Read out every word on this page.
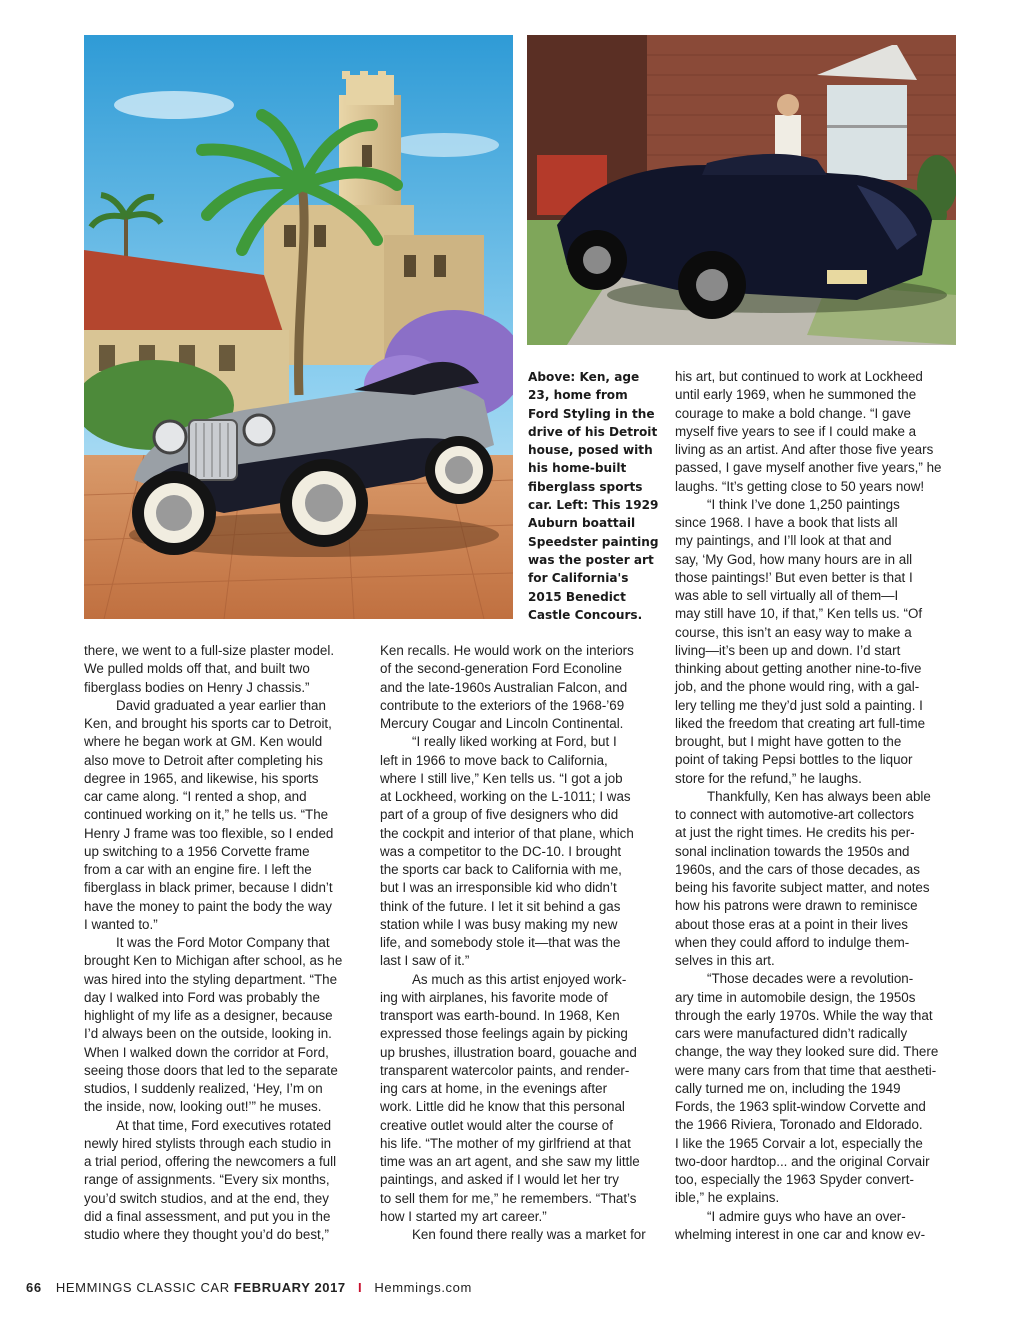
Above: Ken, age 23, home from Ford Styling in the drive of his Detroit house, posed with his home-built fiberglass sports car. Left: This 1929 Auburn boattail Speedster painting was the poster art for California's 2015 Benedict Castle Concours.

there, we went to a full-size plaster model.
We pulled molds off that, and built two
fiberglass bodies on Henry J chassis.”
David graduated a year earlier than
Ken, and brought his sports car to Detroit,
where he began work at GM. Ken would
also move to Detroit after completing his
degree in 1965, and likewise, his sports
car came along. “I rented a shop, and
continued working on it,” he tells us. “The
Henry J frame was too flexible, so I ended
up switching to a 1956 Corvette frame
from a car with an engine fire. I left the
fiberglass in black primer, because I didn’t
have the money to paint the body the way
I wanted to.”
It was the Ford Motor Company that
brought Ken to Michigan after school, as he
was hired into the styling department. “The
day I walked into Ford was probably the
highlight of my life as a designer, because
I’d always been on the outside, looking in.
When I walked down the corridor at Ford,
seeing those doors that led to the separate
studios, I suddenly realized, ‘Hey, I’m on
the inside, now, looking out!’” he muses.
At that time, Ford executives rotated
newly hired stylists through each studio in
a trial period, offering the newcomers a full
range of assignments. “Every six months,
you’d switch studios, and at the end, they
did a final assessment, and put you in the
studio where they thought you’d do best,”
Ken recalls. He would work on the interiors
of the second-generation Ford Econoline
and the late-1960s Australian Falcon, and
contribute to the exteriors of the 1968-’69
Mercury Cougar and Lincoln Continental.
“I really liked working at Ford, but I
left in 1966 to move back to California,
where I still live,” Ken tells us. “I got a job
at Lockheed, working on the L-1011; I was
part of a group of five designers who did
the cockpit and interior of that plane, which
was a competitor to the DC-10. I brought
the sports car back to California with me,
but I was an irresponsible kid who didn’t
think of the future. I let it sit behind a gas
station while I was busy making my new
life, and somebody stole it—that was the
last I saw of it.”
As much as this artist enjoyed work-
ing with airplanes, his favorite mode of
transport was earth-bound. In 1968, Ken
expressed those feelings again by picking
up brushes, illustration board, gouache and
transparent watercolor paints, and render-
ing cars at home, in the evenings after
work. Little did he know that this personal
creative outlet would alter the course of
his life. “The mother of my girlfriend at that
time was an art agent, and she saw my little
paintings, and asked if I would let her try
to sell them for me,” he remembers. “That’s
how I started my art career.”
Ken found there really was a market for
his art, but continued to work at Lockheed
until early 1969, when he summoned the
courage to make a bold change. “I gave
myself five years to see if I could make a
living as an artist. And after those five years
passed, I gave myself another five years,” he
laughs. “It’s getting close to 50 years now!
“I think I’ve done 1,250 paintings
since 1968. I have a book that lists all
my paintings, and I’ll look at that and
say, ‘My God, how many hours are in all
those paintings!’ But even better is that I
was able to sell virtually all of them—I
may still have 10, if that,” Ken tells us. “Of
course, this isn’t an easy way to make a
living—it’s been up and down. I’d start
thinking about getting another nine-to-five
job, and the phone would ring, with a gal-
lery telling me they’d just sold a painting. I
liked the freedom that creating art full-time
brought, but I might have gotten to the
point of taking Pepsi bottles to the liquor
store for the refund,” he laughs.
Thankfully, Ken has always been able
to connect with automotive-art collectors
at just the right times. He credits his per-
sonal inclination towards the 1950s and
1960s, and the cars of those decades, as
being his favorite subject matter, and notes
how his patrons were drawn to reminisce
about those eras at a point in their lives
when they could afford to indulge them-
selves in this art.
“Those decades were a revolution-
ary time in automobile design, the 1950s
through the early 1970s. While the way that
cars were manufactured didn’t radically
change, the way they looked sure did. There
were many cars from that time that aestheti-
cally turned me on, including the 1949
Fords, the 1963 split-window Corvette and
the 1966 Riviera, Toronado and Eldorado.
I like the 1965 Corvair a lot, especially the
two-door hardtop... and the original Corvair
too, especially the 1963 Spyder convert-
ible,” he explains.
“I admire guys who have an over-
whelming interest in one car and know ev-
66 HEMMINGS CLASSIC CAR FEBRUARY 2017 I Hemmings.com
